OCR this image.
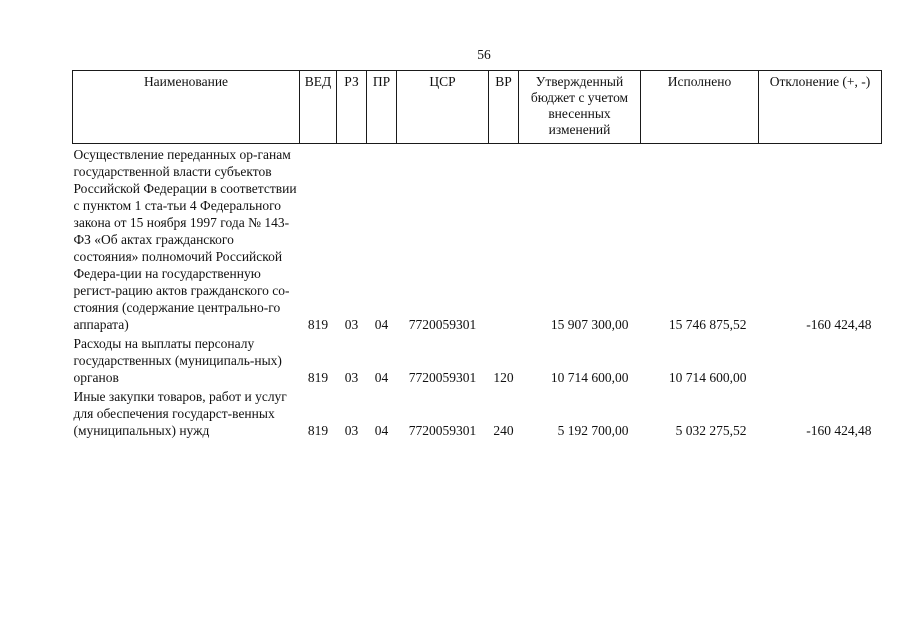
56
Наименование	ВЕД	РЗ	ПР	ЦСР	ВР	Утвержденный бюджет с учетом внесенных изменений	Исполнено	Отклонение (+, -)
Осуществление переданных ор-ганам государственной власти субъектов Российской Федерации в соответствии с пунктом 1 ста-тьи 4 Федерального закона от 15 ноября 1997 года № 143-ФЗ «Об актах гражданского состояния» полномочий Российской Федера-ции на государственную регист-рацию актов гражданского со-стояния (содержание центрально-го аппарата)	819	03	04	7720059301		15 907 300,00	15 746 875,52	-160 424,48
Расходы на выплаты персоналу государственных (муниципаль-ных) органов	819	03	04	7720059301	120	10 714 600,00	10 714 600,00	
Иные закупки товаров, работ и услуг для обеспечения государст-венных (муниципальных) нужд	819	03	04	7720059301	240	5 192 700,00	5 032 275,52	-160 424,48
